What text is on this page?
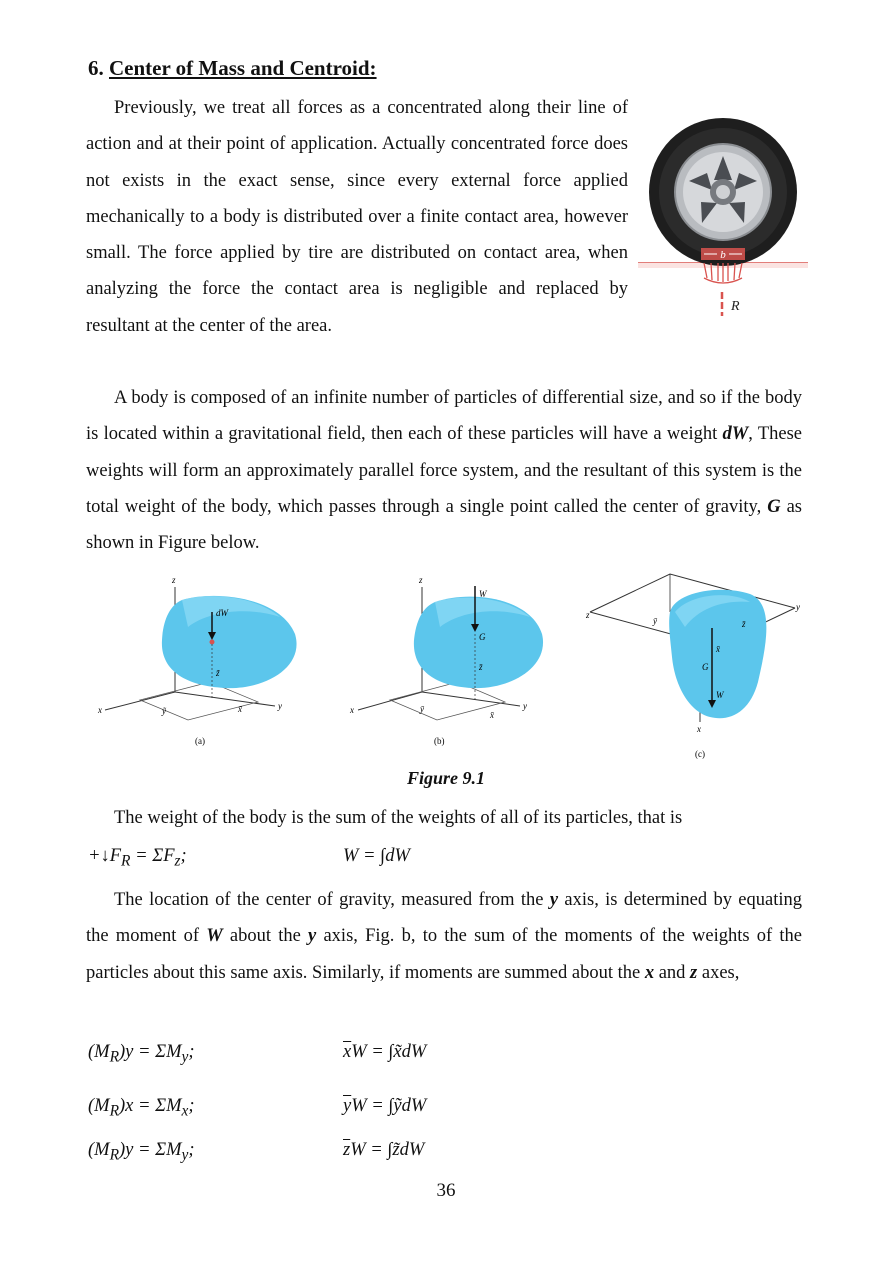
6. Center of Mass and Centroid:

Previously, we treat all forces as a concentrated along their line of action and at their point of application. Actually concentrated force does not exists in the exact sense, since every external force applied mechanically to a body is distributed over a finite contact area, however small. The force applied by tire are distributed on contact area, when analyzing the force the contact area is negligible and replaced by resultant at the center of the area.

b
R

A body is composed of an infinite number of particles of differential size, and so if the body is located within a gravitational field, then each of these particles will have a weight dW, These weights will form an approximately parallel force system, and the resultant of this system is the total weight of the body, which passes through a single point called the center of gravity, G as shown in Figure below.

z
x	y
dW
z̃
ỹ	x̃
(a)
z
x	y
W
G
z̄
ȳ
x̄
(b)
z
y
x
W
G
x̄
ȳ	z̄
(c)
Figure 9.1

The weight of the body is the sum of the weights of all of its particles, that is

$+↓F_R = \Sigma F_z$;	W = ∫dW

The location of the center of gravity, measured from the y axis, is determined by equating the moment of W about the y axis, Fig. b, to the sum of the moments of the weights of the particles about this same axis. Similarly, if moments are summed about the x and z axes,

$(M_R)y = \Sigma M_y$;	$\overline{x}W$ = ∫x̃dW
$(M_R)x = \Sigma M_x$;	$\overline{y}W$ = ∫ỹdW
$(M_R)y = \Sigma M_y$;	$\overline{z}W$ = ∫z̃dW
36
